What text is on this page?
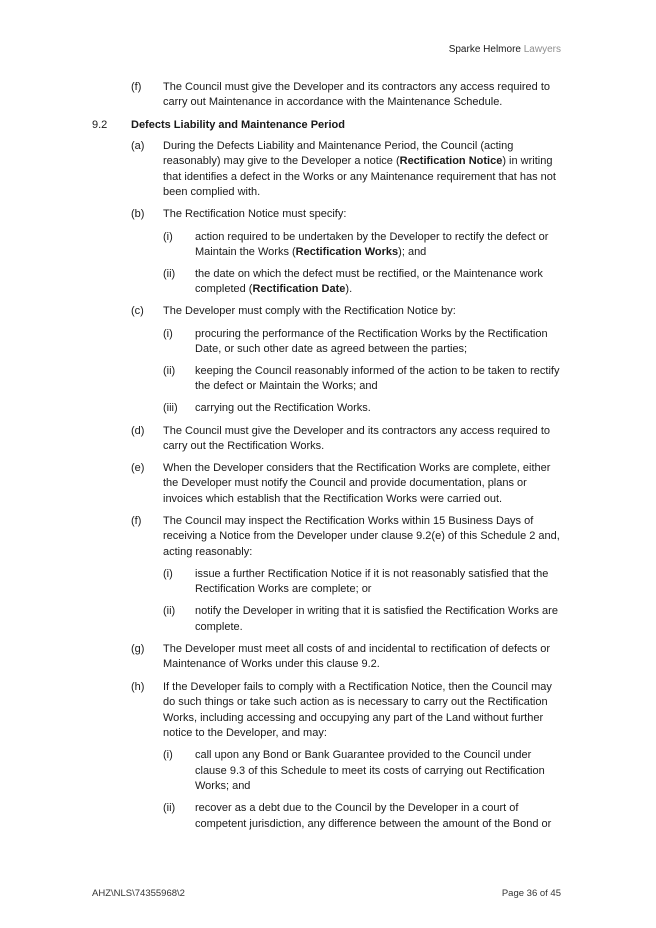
Sparke Helmore Lawyers
(f) The Council must give the Developer and its contractors any access required to
carry out Maintenance in accordance with the Maintenance Schedule.
9.2 Defects Liability and Maintenance Period
(a) During the Defects Liability and Maintenance Period, the Council (acting
reasonably) may give to the Developer a notice (Rectification Notice) in writing
that identifies a defect in the Works or any Maintenance requirement that has not
been complied with.
(b) The Rectification Notice must specify:
(i) action required to be undertaken by the Developer to rectify the defect or
Maintain the Works (Rectification Works); and
(ii) the date on which the defect must be rectified, or the Maintenance work
completed (Rectification Date).
(c) The Developer must comply with the Rectification Notice by:
(i) procuring the performance of the Rectification Works by the Rectification
Date, or such other date as agreed between the parties;
(ii) keeping the Council reasonably informed of the action to be taken to rectify
the defect or Maintain the Works; and
(iii) carrying out the Rectification Works.
(d) The Council must give the Developer and its contractors any access required to
carry out the Rectification Works.
(e) When the Developer considers that the Rectification Works are complete, either
the Developer must notify the Council and provide documentation, plans or
invoices which establish that the Rectification Works were carried out.
(f) The Council may inspect the Rectification Works within 15 Business Days of
receiving a Notice from the Developer under clause 9.2(e) of this Schedule 2 and,
acting reasonably:
(i) issue a further Rectification Notice if it is not reasonably satisfied that the
Rectification Works are complete; or
(ii) notify the Developer in writing that it is satisfied the Rectification Works are
complete.
(g) The Developer must meet all costs of and incidental to rectification of defects or
Maintenance of Works under this clause 9.2.
(h) If the Developer fails to comply with a Rectification Notice, then the Council may
do such things or take such action as is necessary to carry out the Rectification
Works, including accessing and occupying any part of the Land without further
notice to the Developer, and may:
(i) call upon any Bond or Bank Guarantee provided to the Council under
clause 9.3 of this Schedule to meet its costs of carrying out Rectification
Works; and
(ii) recover as a debt due to the Council by the Developer in a court of
competent jurisdiction, any difference between the amount of the Bond or
AHZ\NLS\74355968\2	Page 36 of 45
